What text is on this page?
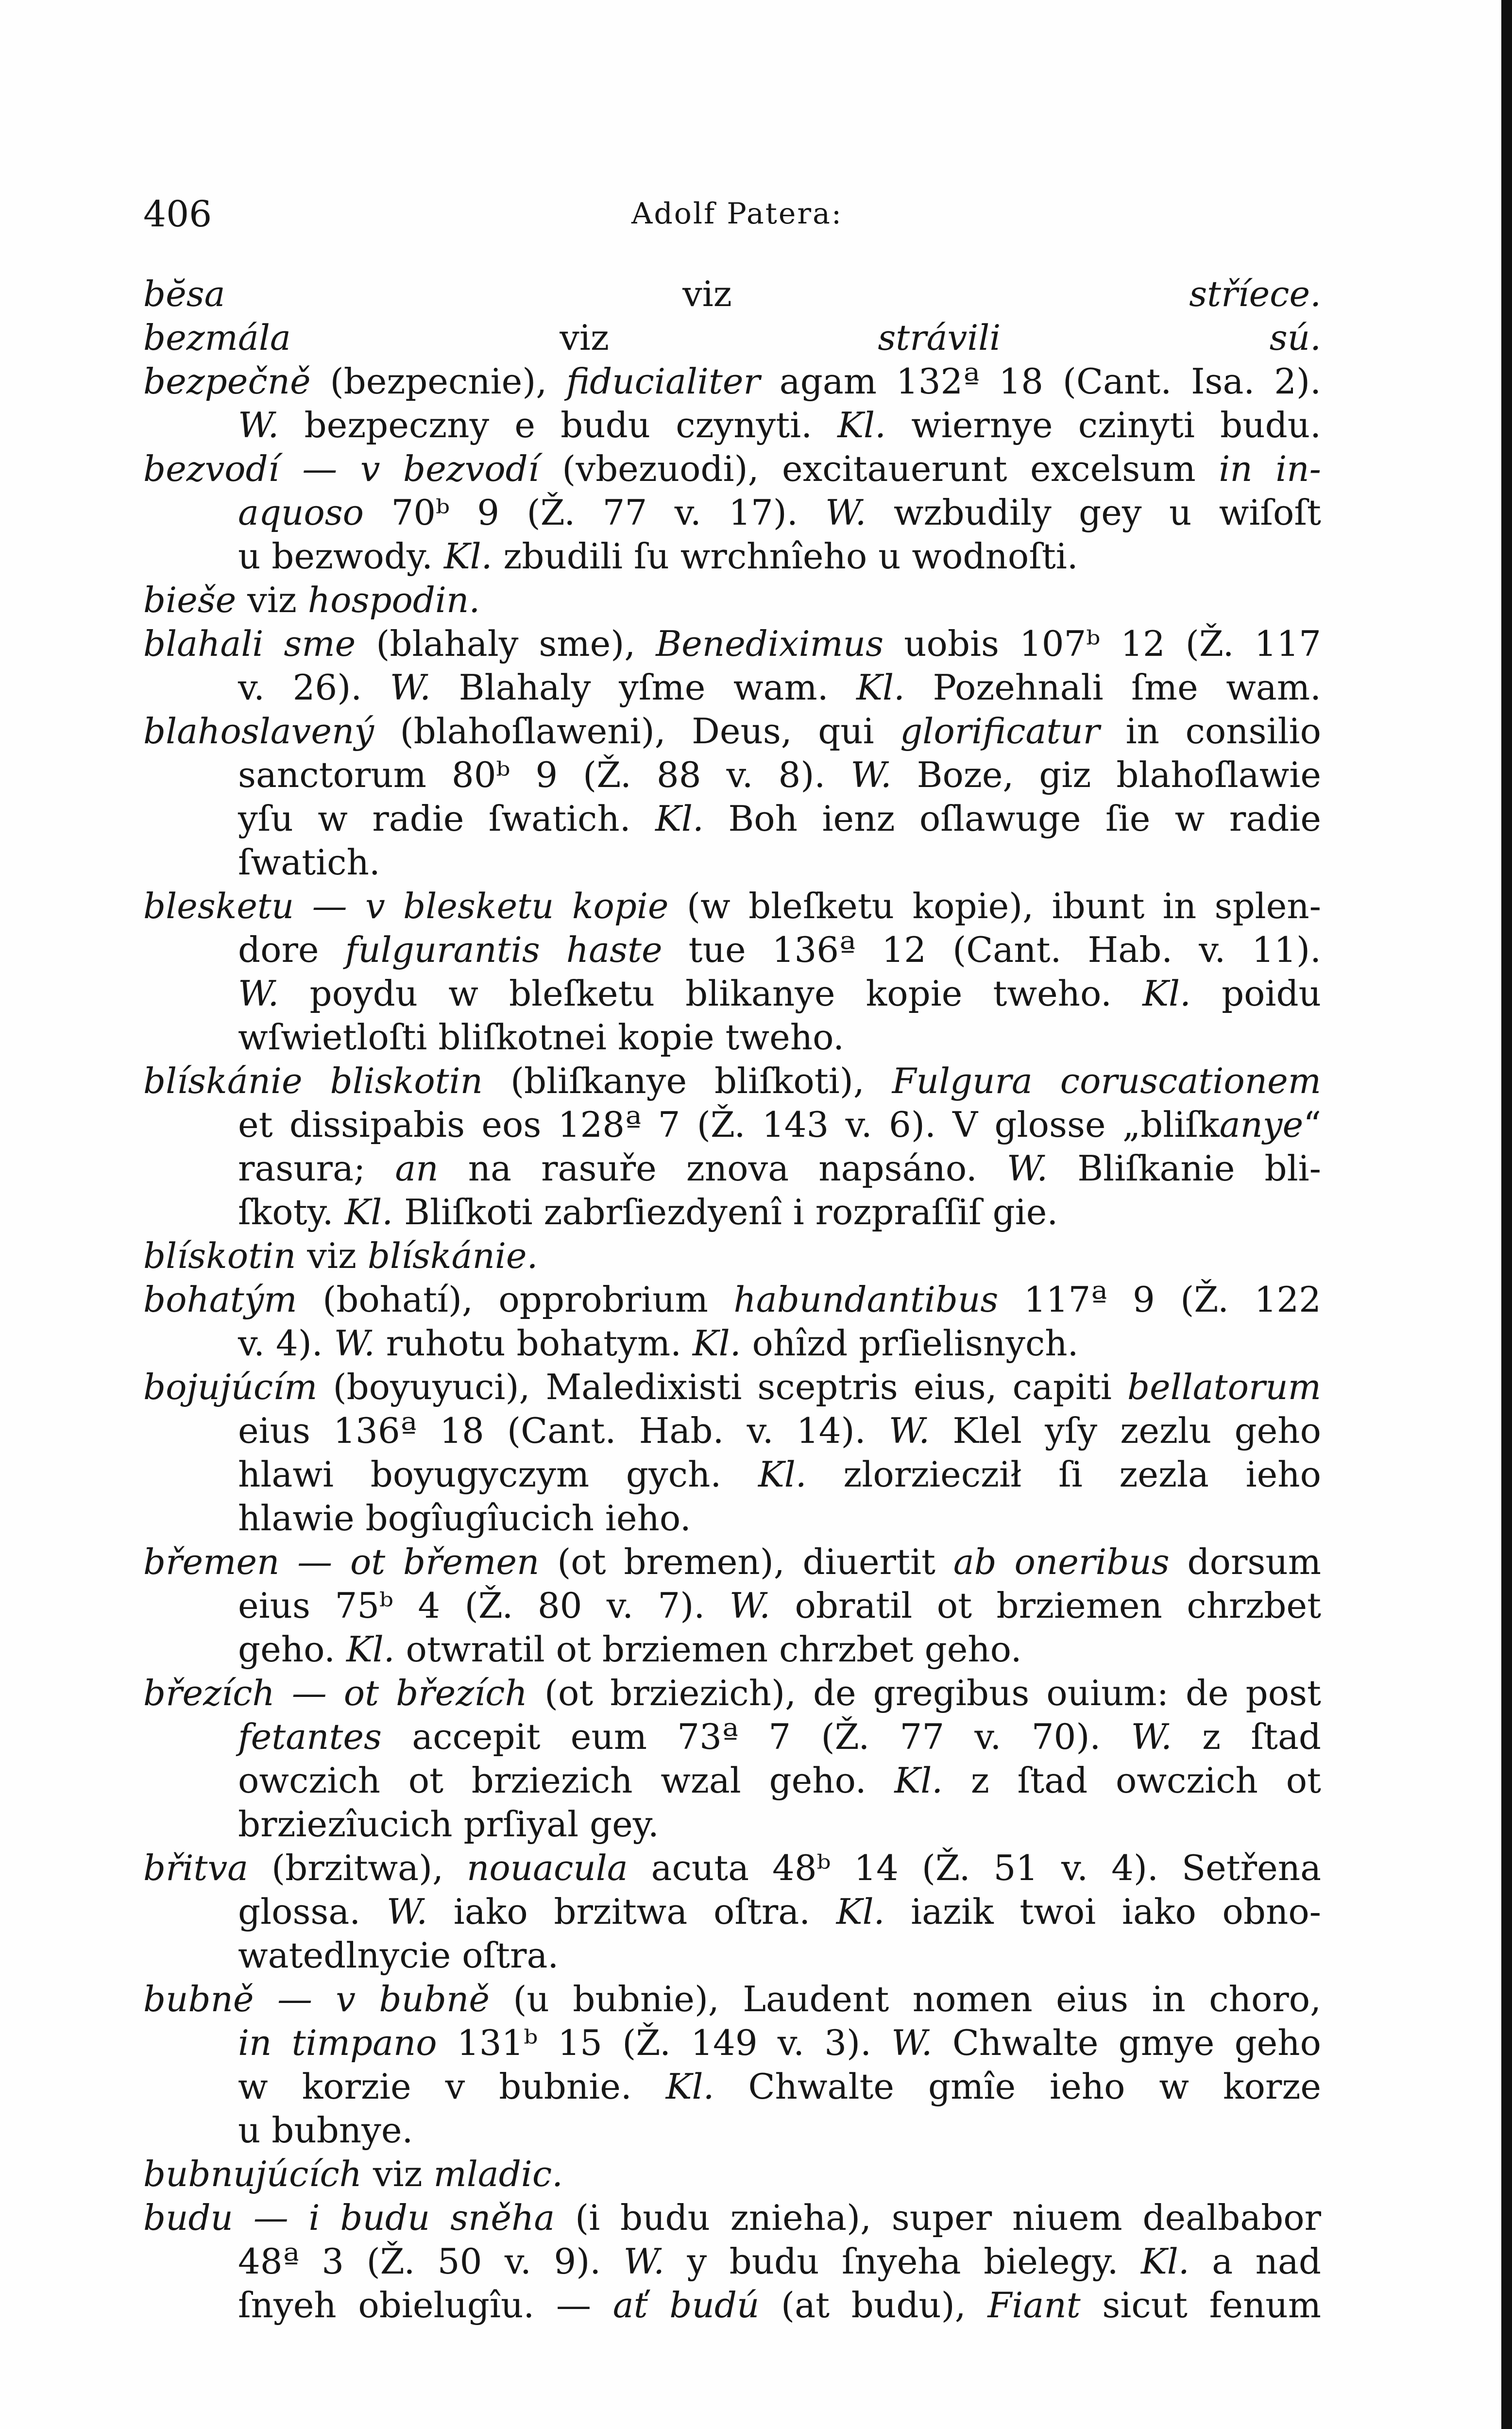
406	Adolf Patera:
bĕsa viz stříece.
bezmála viz strávili sú.
bezpečně (bezpecnie), fiducialiter agam 132ª 18 (Cant. Isa. 2).
W. bezpeczny e budu czynyti. Kl. wiernye czinyti budu.
bezvodí — v bezvodí (vbezuodi), excitauerunt excelsum in in-
aquoso 70ᵇ 9 (Ž. 77 v. 17). W. wzbudily gey u wiſoſt
u bezwody. Kl. zbudili ſu wrchnîeho u wodnoſti.
bieše viz hospodin.
blahali sme (blahaly sme), Benediximus uobis 107ᵇ 12 (Ž. 117
v. 26). W. Blahaly yſme wam. Kl. Pozehnali ſme wam.
blahoslavený (blahoſlaweni), Deus, qui glorificatur in consilio
sanctorum 80ᵇ 9 (Ž. 88 v. 8). W. Boze, giz blahoſlawie
yſu w radie ſwatich. Kl. Boh ienz oſlawuge ſie w radie
ſwatich.
blesketu — v blesketu kopie (w bleſketu kopie), ibunt in splen-
dore fulgurantis haste tue 136ª 12 (Cant. Hab. v. 11).
W. poydu w bleſketu blikanye kopie tweho. Kl. poidu
wſwietloſti bliſkotnei kopie tweho.
blískánie bliskotin (bliſkanye bliſkoti), Fulgura coruscationem
et dissipabis eos 128ª 7 (Ž. 143 v. 6). V glosse „bliſkanye“
rasura; an na rasuře znova napsáno. W. Bliſkanie bli-
ſkoty. Kl. Bliſkoti zabrſiezdyenî i rozpraſſiſ gie.
blískotin viz blískánie.
bohatým (bohatí), opprobrium habundantibus 117ª 9 (Ž. 122
v. 4). W. ruhotu bohatym. Kl. ohîzd prſielisnych.
bojujúcím (boyuyuci), Maledixisti sceptris eius, capiti bellatorum
eius 136ª 18 (Cant. Hab. v. 14). W. Klel yſy zezlu geho
hlawi boyugyczym gych. Kl. zlorziecził ſi zezla ieho
hlawie bogîugîucich ieho.
břemen — ot břemen (ot bremen), diuertit ab oneribus dorsum
eius 75ᵇ 4 (Ž. 80 v. 7). W. obratil ot brziemen chrzbet
geho. Kl. otwratil ot brziemen chrzbet geho.
březích — ot březích (ot brziezich), de gregibus ouium: de post
fetantes accepit eum 73ª 7 (Ž. 77 v. 70). W. z ſtad
owczich ot brziezich wzal geho. Kl. z ſtad owczich ot
brziezîucich prſiyal gey.
břitva (brzitwa), nouacula acuta 48ᵇ 14 (Ž. 51 v. 4). Setřena
glossa. W. iako brzitwa oſtra. Kl. iazik twoi iako obno-
watedlnycie oſtra.
bubně — v bubně (u bubnie), Laudent nomen eius in choro,
in timpano 131ᵇ 15 (Ž. 149 v. 3). W. Chwalte gmye geho
w korzie v bubnie. Kl. Chwalte gmîe ieho w korze
u bubnye.
bubnujúcích viz mladic.
budu — i budu sněha (i budu znieha), super niuem dealbabor
48ª 3 (Ž. 50 v. 9). W. y budu ſnyeha bielegy. Kl. a nad
ſnyeh obielugîu. — ať budú (at budu), Fiant sicut fenum
